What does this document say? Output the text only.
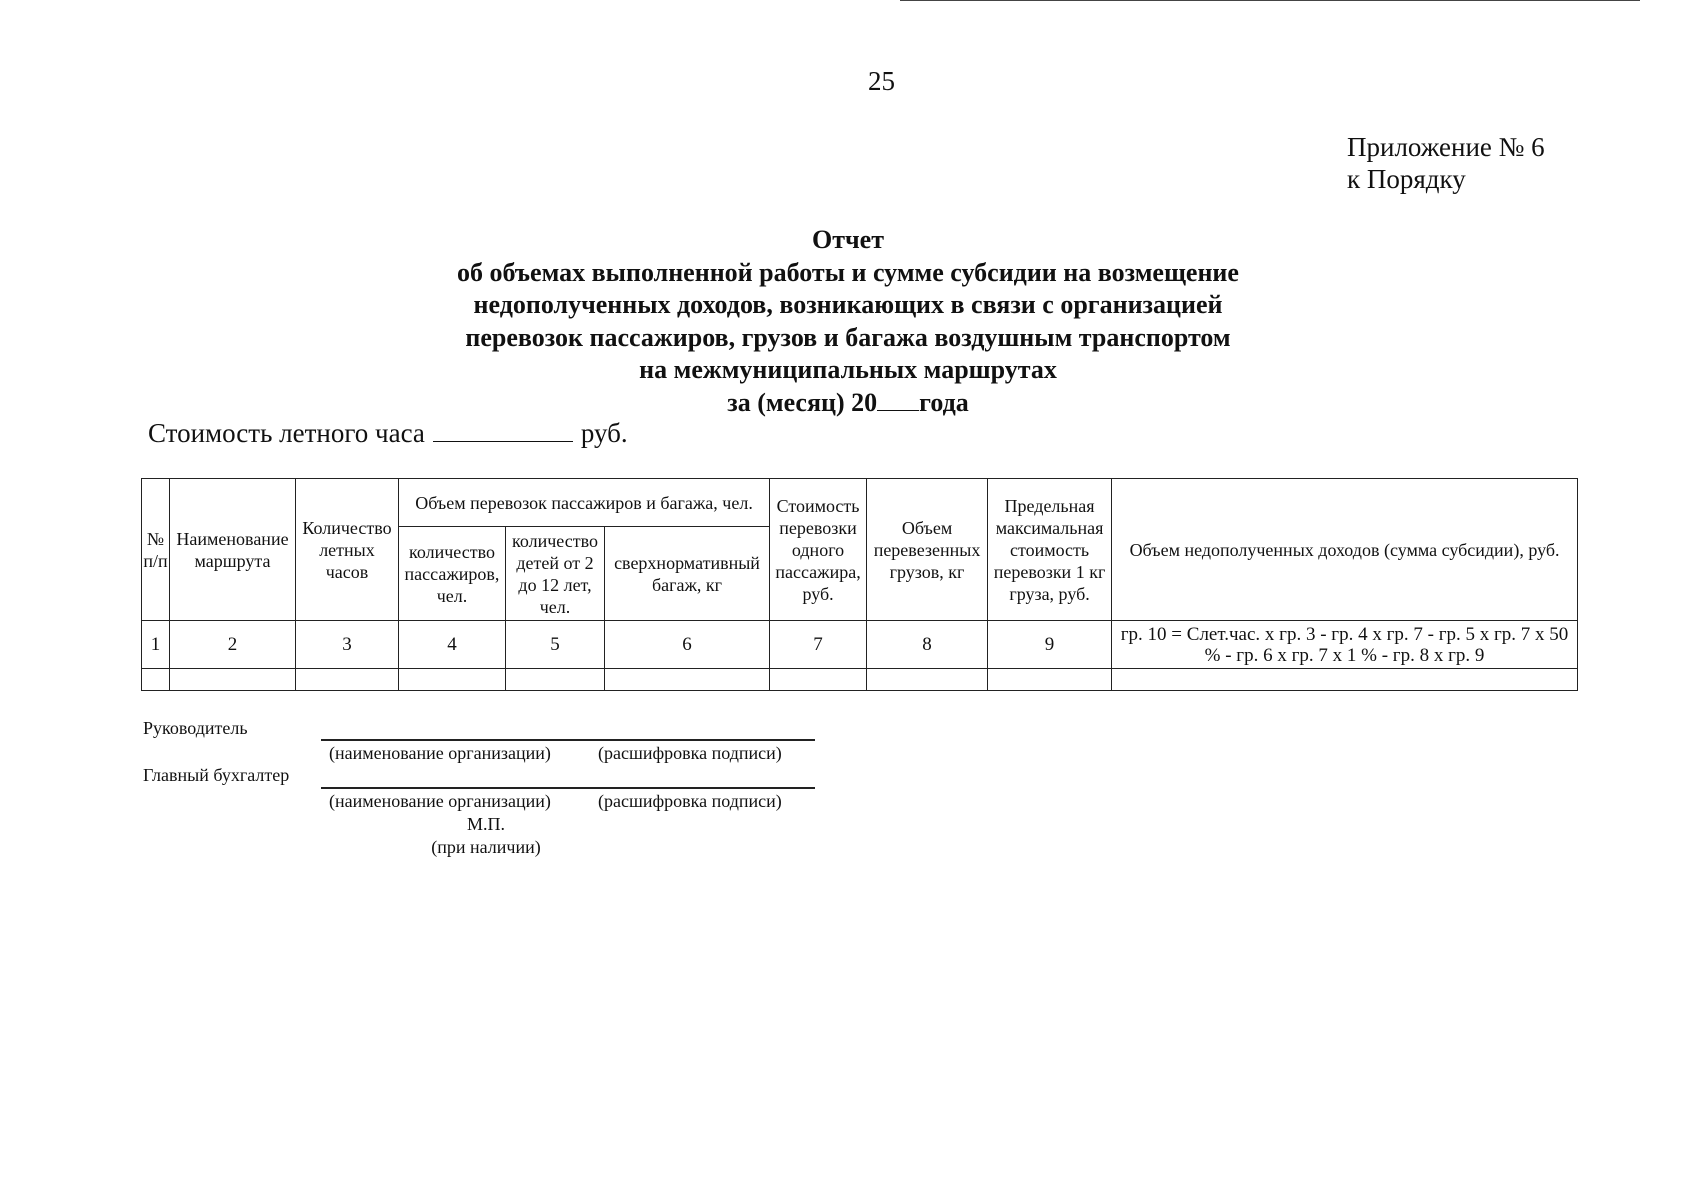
25
Приложение № 6
к Порядку
Отчет
об объемах выполненной работы и сумме субсидии на возмещение
недополученных доходов, возникающих в связи с организацией
перевозок пассажиров, грузов и багажа воздушным транспортом
на межмуниципальных маршрутах
за (месяц) 20 года
Стоимость летного часа	руб.
№ п/п	Наименование маршрута	Количество летных часов	Объем перевозок пассажиров и багажа, чел.			Стоимость перевозки одного пассажира, руб.	Объем перевезенных грузов, кг	Предельная максимальная стоимость перевозки 1 кг груза, руб.	Объем недополученных доходов (сумма субсидии), руб.
			количество пассажиров, чел.	количество детей от 2 до 12 лет, чел.	сверхнормативный багаж, кг				
1	2	3	4	5	6	7	8	9	гр. 10 = Слет.час. x гр. 3 - гр. 4 x гр. 7 - гр. 5 x гр. 7 x 50 % - гр. 6 x гр. 7 x 1 % - гр. 8 x гр. 9

Руководитель
(наименование организации)	(расшифровка подписи)
Главный бухгалтер
(наименование организации)	(расшифровка подписи)
М.П.
(при наличии)
